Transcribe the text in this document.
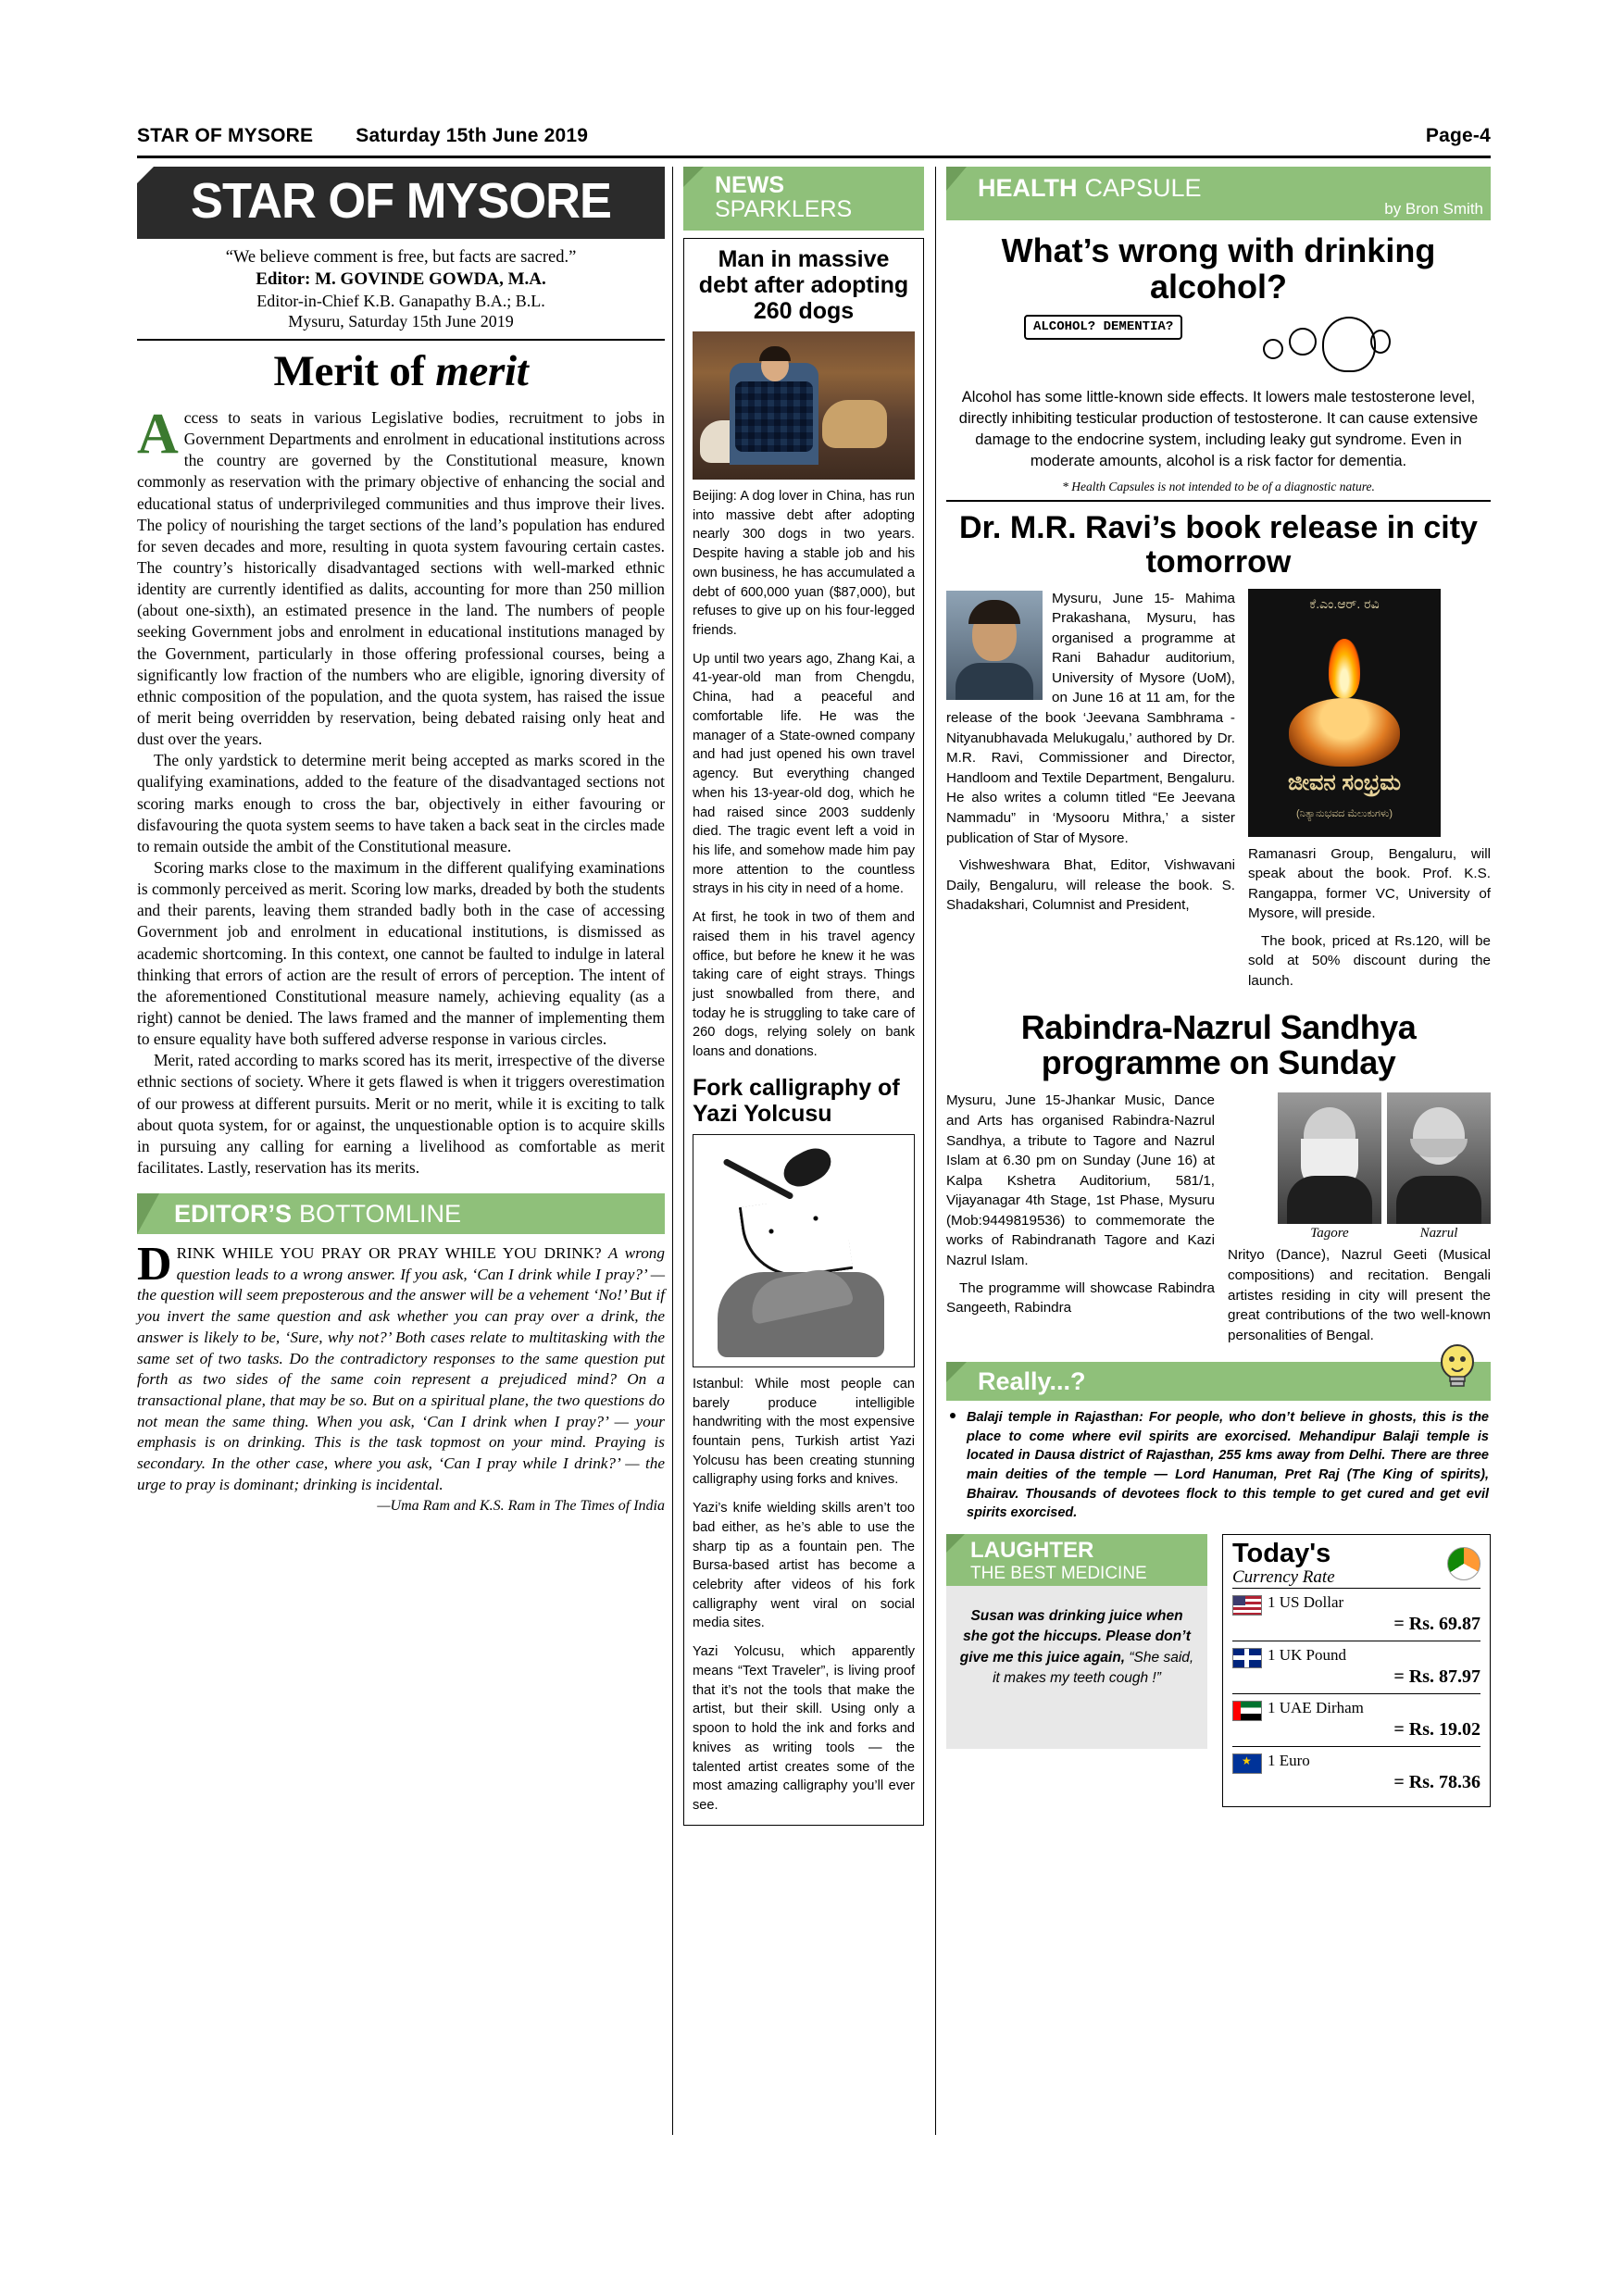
STAR OF MYSORE Saturday 15th June 2019	Page-4
STAR OF MYSORE
“We believe comment is free, but facts are sacred.”
Editor: M. GOVINDE GOWDA, M.A.
Editor-in-Chief K.B. Ganapathy B.A.; B.L.
Mysuru, Saturday 15th June 2019
Merit of merit

Access to seats in various Legislative bodies, recruitment to jobs in Government Departments and enrolment in educational institutions across the country are governed by the Constitutional measure, known commonly as reservation with the primary objective of enhancing the social and educational status of underprivileged communities and thus improve their lives. The policy of nourishing the target sections of the land’s population has endured for seven decades and more, resulting in quota system favouring certain castes. The country’s historically disadvantaged sections with well-marked ethnic identity are currently identified as dalits, accounting for more than 250 million (about one-sixth), an estimated presence in the land. The numbers of people seeking Government jobs and enrolment in educational institutions managed by the Government, particularly in those offering professional courses, being a significantly low fraction of the numbers who are eligible, ignoring diversity of ethnic composition of the population, and the quota system, has raised the issue of merit being overridden by reservation, being debated raising only heat and dust over the years.

The only yardstick to determine merit being accepted as marks scored in the qualifying examinations, added to the feature of the disadvantaged sections not scoring marks enough to cross the bar, objectively in either favouring or disfavouring the quota system seems to have taken a back seat in the circles made to remain outside the ambit of the Constitutional measure.

Scoring marks close to the maximum in the different qualifying examinations is commonly perceived as merit. Scoring low marks, dreaded by both the students and their parents, leaving them stranded badly both in the case of accessing Government job and enrolment in educational institutions, is dismissed as academic shortcoming. In this context, one cannot be faulted to indulge in lateral thinking that errors of action are the result of errors of perception. The intent of the aforementioned Constitutional measure namely, achieving equality (as a right) cannot be denied. The laws framed and the manner of implementing them to ensure equality have both suffered adverse response in various circles.

Merit, rated according to marks scored has its merit, irrespective of the diverse ethnic sections of society. Where it gets flawed is when it triggers overestimation of our prowess at different pursuits. Merit or no merit, while it is exciting to talk about quota system, for or against, the unquestionable option is to acquire skills in pursuing any calling for earning a livelihood as comfortable as merit facilitates. Lastly, reservation has its merits.

EDITOR’S BOTTOMLINE
DRINK WHILE YOU PRAY OR PRAY WHILE YOU DRINK? A wrong question leads to a wrong answer. If you ask, ‘Can I drink while I pray?’ — the question will seem preposterous and the answer will be a vehement ‘No!’ But if you invert the same question and ask whether you can pray over a drink, the answer is likely to be, ‘Sure, why not?’ Both cases relate to multitasking with the same set of two tasks. Do the contradictory responses to the same question put forth as two sides of the same coin represent a prejudiced mind? On a transactional plane, that may be so. But on a spiritual plane, the two questions do not mean the same thing. When you ask, ‘Can I drink when I pray?’ — your emphasis is on drinking. This is the task topmost on your mind. Praying is secondary. In the other case, where you ask, ‘Can I pray while I drink?’ — the urge to pray is dominant; drinking is incidental.
—Uma Ram and K.S. Ram in The Times of India
NEWS
SPARKLERS
Man in massive debt after adopting 260 dogs

Beijing: A dog lover in China, has run into massive debt after adopting nearly 300 dogs in two years. Despite having a stable job and his own business, he has accumulated a debt of 600,000 yuan ($87,000), but refuses to give up on his four-legged friends.

Up until two years ago, Zhang Kai, a 41-year-old man from Chengdu, China, had a peaceful and comfortable life. He was the manager of a State-owned company and had just opened his own travel agency. But everything changed when his 13-year-old dog, which he had raised since 2003 suddenly died. The tragic event left a void in his life, and somehow made him pay more attention to the countless strays in his city in need of a home.

At first, he took in two of them and raised them in his travel agency office, but before he knew it he was taking care of eight strays. Things just snowballed from there, and today he is struggling to take care of 260 dogs, relying solely on bank loans and donations.

Fork calligraphy of Yazi Yolcusu

Istanbul: While most people can barely produce intelligible handwriting with the most expensive fountain pens, Turkish artist Yazi Yolcusu has been creating stunning calligraphy using forks and knives.

Yazi’s knife wielding skills aren’t too bad either, as he’s able to use the sharp tip as a fountain pen. The Bursa-based artist has become a celebrity after videos of his fork calligraphy went viral on social media sites.

Yazi Yolcusu, which apparently means “Text Traveler”, is living proof that it’s not the tools that make the artist, but their skill. Using only a spoon to hold the ink and forks and knives as writing tools — the talented artist creates some of the most amazing calligraphy you’ll ever see.

HEALTH CAPSULE
by Bron Smith
What’s wrong with drinking alcohol?
ALCOHOL? DEMENTIA?
Alcohol has some little-known side effects. It lowers male testosterone level, directly inhibiting testicular production of testosterone. It can cause extensive damage to the endocrine system, including leaky gut syndrome. Even in moderate amounts, alcohol is a risk factor for dementia.
* Health Capsules is not intended to be of a diagnostic nature.
Dr. M.R. Ravi’s book release in city tomorrow

Mysuru, June 15- Mahima Prakashana, Mysuru, has organised a programme at Rani Bahadur auditorium, University of Mysore (UoM), on June 16 at 11 am, for the release of the book ‘Jeevana Sambhrama - Nityanubhavada Melukugalu,’ authored by Dr. M.R. Ravi, Commissioner and Director, Handloom and Textile Department, Bengaluru. He also writes a column titled “Ee Jeevana Nammadu” in ‘Mysooru Mithra,’ a sister publication of Star of Mysore.

Vishweshwara Bhat, Editor, Vishwavani Daily, Bengaluru, will release the book. S. Shadakshari, Columnist and President,

ಕೆ.ಎಂ.ಆರ್. ರವಿ
ಜೀವನ ಸಂಭ್ರಮ
(ನಿತ್ಯಾನುಭವದ ಮೆಲುಕುಗಳು)

Ramanasri Group, Bengaluru, will speak about the book. Prof. K.S. Rangappa, former VC, University of Mysore, will preside.

The book, priced at Rs.120, will be sold at 50% discount during the launch.

Rabindra-Nazrul Sandhya programme on Sunday

Mysuru, June 15-Jhankar Music, Dance and Arts has organised Rabindra-Nazrul Sandhya, a tribute to Tagore and Nazrul Islam at 6.30 pm on Sunday (June 16) at Kalpa Kshetra Auditorium, 581/1, Vijayanagar 4th Stage, 1st Phase, Mysuru (Mob:9449819536) to commemorate the works of Rabindranath Tagore and Kazi Nazrul Islam.

The programme will showcase Rabindra Sangeeth, Rabindra

Tagore	Nazrul

Nrityo (Dance), Nazrul Geeti (Musical compositions) and recitation. Bengali artistes residing in city will present the great contributions of the two well-known personalities of Bengal.

Really...?
Balaji temple in Rajasthan: For people, who don’t believe in ghosts, this is the place to come where evil spirits are exorcised. Mehandipur Balaji temple is located in Dausa district of Rajasthan, 255 kms away from Delhi. There are three main deities of the temple — Lord Hanuman, Pret Raj (The King of spirits), Bhairav. Thousands of devotees flock to this temple to get cured and get evil spirits exorcised.
LAUGHTER
THE BEST MEDICINE
Susan was drinking juice when she got the hiccups. Please don’t give me this juice again, “She said, it makes my teeth cough !”
Today's
Currency Rate
1 US Dollar
= Rs. 69.87
1 UK Pound
= Rs. 87.97
1 UAE Dirham
= Rs. 19.02
★
1 Euro
= Rs. 78.36
